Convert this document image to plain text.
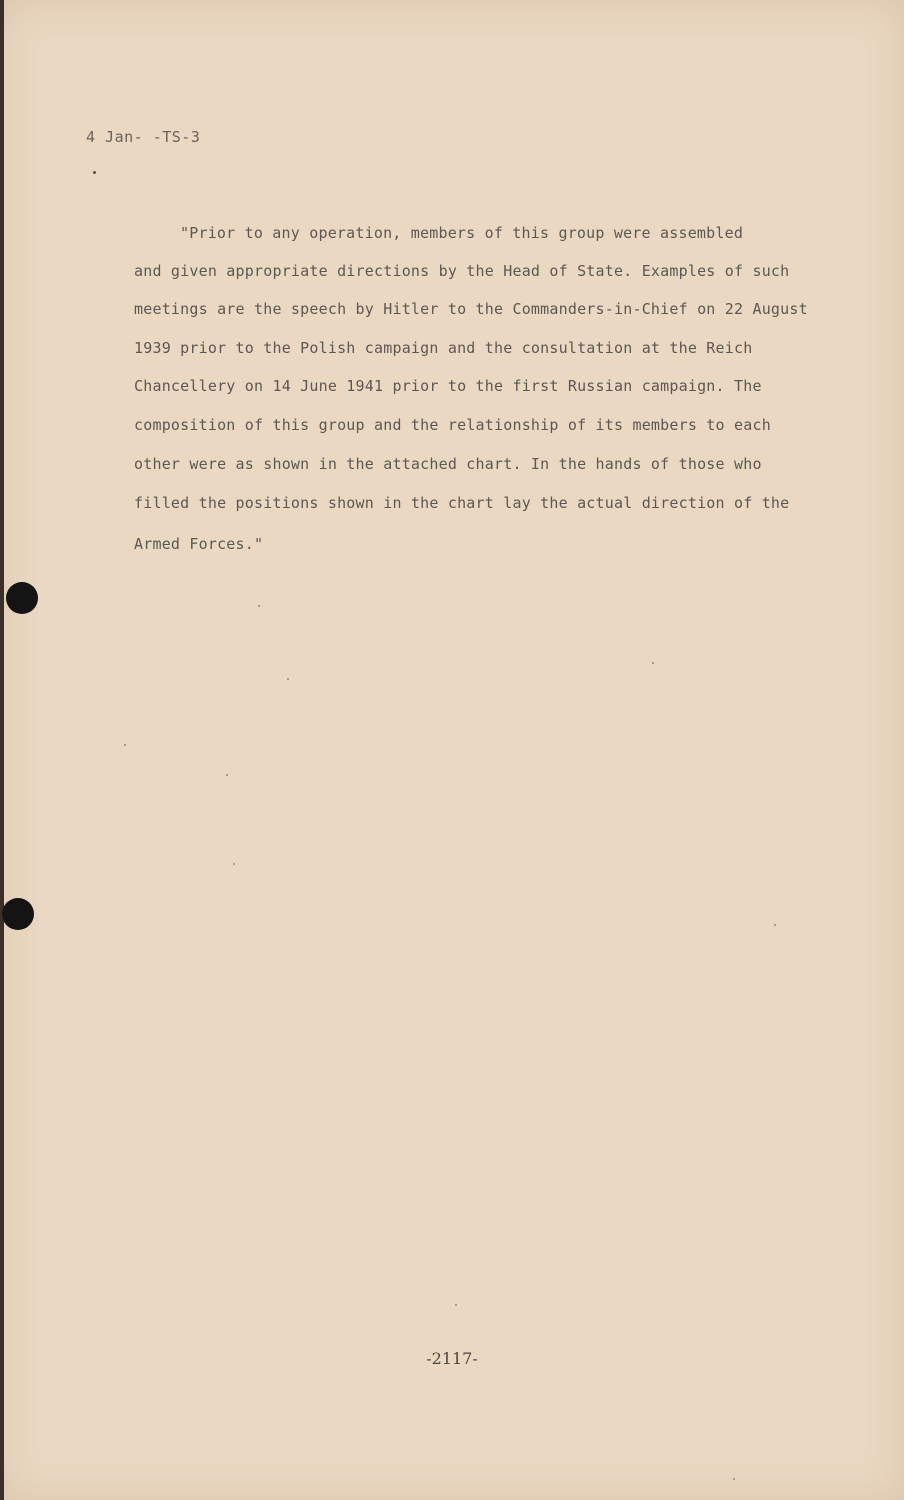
4 Jan- -TS-3
"Prior to any operation, members of this group were assembled
and given appropriate directions by the Head of State. Examples of such
meetings are the speech by Hitler to the Commanders-in-Chief on 22 August
1939 prior to the Polish campaign and the consultation at the Reich
Chancellery on 14 June 1941 prior to the first Russian campaign. The
composition of this group and the relationship of its members to each
other were as shown in the attached chart. In the hands of those who
filled the positions shown in the chart lay the actual direction of the
Armed Forces."
-2117-
